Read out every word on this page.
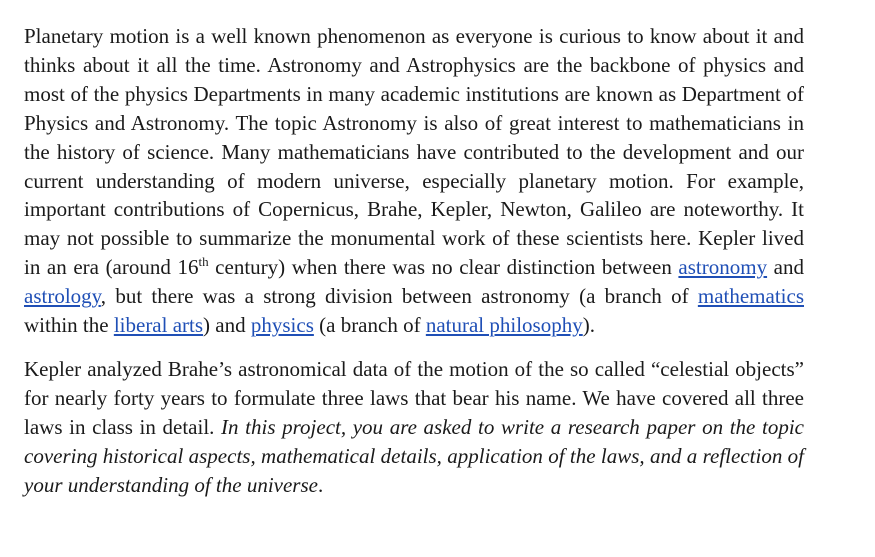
Planetary motion is a well known phenomenon as everyone is curious to know about it and thinks about it all the time. Astronomy and Astrophysics are the backbone of physics and most of the physics Departments in many academic institutions are known as Department of Physics and Astronomy. The topic Astronomy is also of great interest to mathematicians in the history of science. Many mathematicians have contributed to the development and our current understanding of modern universe, especially planetary motion. For example, important contributions of Copernicus, Brahe, Kepler, Newton, Galileo are noteworthy. It may not possible to summarize the monumental work of these scientists here. Kepler lived in an era (around 16th century) when there was no clear distinction between astronomy and astrology, but there was a strong division between astronomy (a branch of mathematics within the liberal arts) and physics (a branch of natural philosophy).

Kepler analyzed Brahe’s astronomical data of the motion of the so called “celestial objects” for nearly forty years to formulate three laws that bear his name. We have covered all three laws in class in detail. In this project, you are asked to write a research paper on the topic covering historical aspects, mathematical details, application of the laws, and a reflection of your understanding of the universe.
